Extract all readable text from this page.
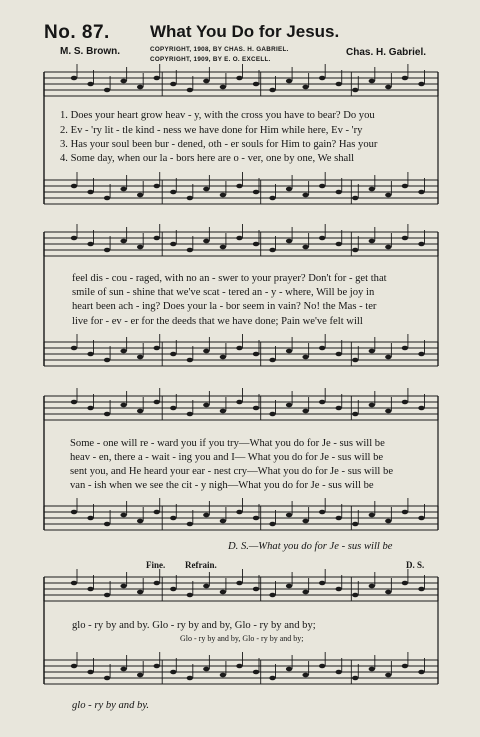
No. 87. What You Do for Jesus.
COPYRIGHT, 1908, BY CHAS. H. GABRIEL.
COPYRIGHT, 1909, BY E. O. EXCELL.
M. S. Brown.	Chas. H. Gabriel.
1. Does your heart grow heav - y, with the cross you have to bear? Do you
2. Ev - 'ry lit - tle kind - ness we have done for Him while here, Ev - 'ry
3. Has your soul been bur - dened, oth - er souls for Him to gain? Has your
4. Some day, when our la - bors here are o - ver, one by one, We shall
feel dis - cou - raged, with no an - swer to your prayer? Don't for - get that
smile of sun - shine that we've scat - tered an - y - where, Will be joy in
heart been ach - ing? Does your la - bor seem in vain? No! the Mas - ter
live for - ev - er for the deeds that we have done; Pain we've felt will
Some - one will re - ward you if you try—What you do for Je - sus will be
heav - en, there a - wait - ing you and I— What you do for Je - sus will be
sent you, and He heard your ear - nest cry—What you do for Je - sus will be
van - ish when we see the cit - y nigh—What you do for Je - sus will be
D. S.—What you do for Je - sus will be
Fine. Refrain.	D. S.
glo - ry by and by. Glo - ry by and by, Glo - ry by and by;
Glo - ry by and by, Glo - ry by and by;
glo - ry by and by.
